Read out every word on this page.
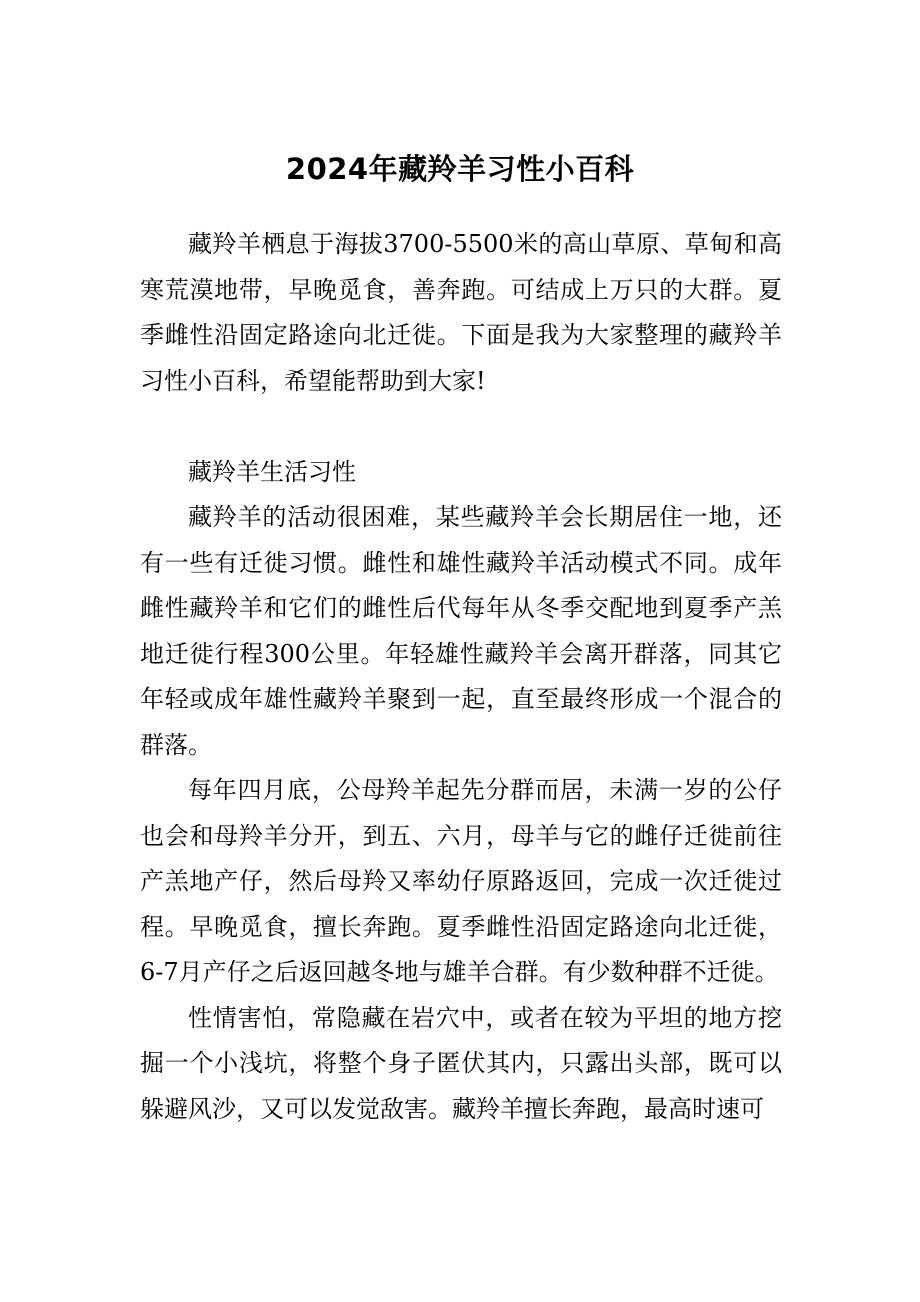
2024年藏羚羊习性小百科

藏羚羊栖息于海拔3700-5500米的高山草原、草甸和高寒荒漠地带，早晚觅食，善奔跑。可结成上万只的大群。夏季雌性沿固定路途向北迁徙。下面是我为大家整理的藏羚羊习性小百科，希望能帮助到大家!

藏羚羊生活习性

藏羚羊的活动很困难，某些藏羚羊会长期居住一地，还有一些有迁徙习惯。雌性和雄性藏羚羊活动模式不同。成年雌性藏羚羊和它们的雌性后代每年从冬季交配地到夏季产羔地迁徙行程300公里。年轻雄性藏羚羊会离开群落，同其它年轻或成年雄性藏羚羊聚到一起，直至最终形成一个混合的群落。

每年四月底，公母羚羊起先分群而居，未满一岁的公仔也会和母羚羊分开，到五、六月，母羊与它的雌仔迁徙前往产羔地产仔，然后母羚又率幼仔原路返回，完成一次迁徙过程。早晚觅食，擅长奔跑。夏季雌性沿固定路途向北迁徙，6-7月产仔之后返回越冬地与雄羊合群。有少数种群不迁徙。

性情害怕，常隐藏在岩穴中，或者在较为平坦的地方挖掘一个小浅坑，将整个身子匿伏其内，只露出头部，既可以躲避风沙，又可以发觉敌害。藏羚羊擅长奔跑，最高时速可
